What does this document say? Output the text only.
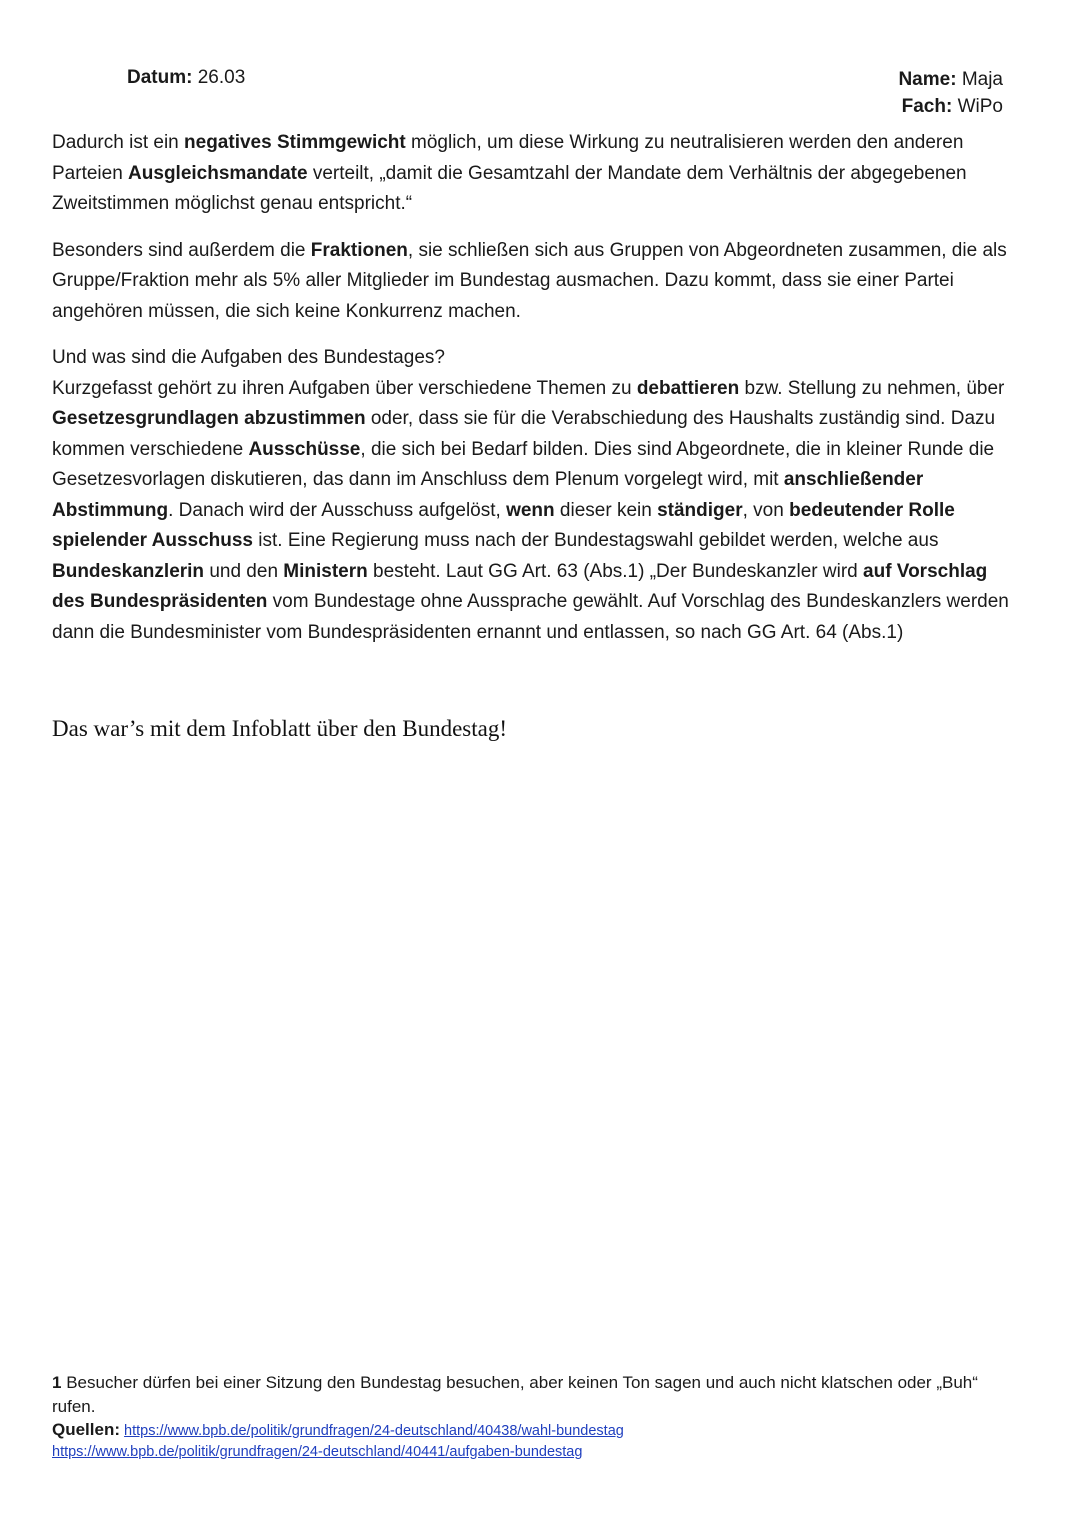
Datum: 26.03	Name: Maja
Fach: WiPo

Dadurch ist ein negatives Stimmgewicht möglich, um diese Wirkung zu neutralisieren werden den anderen Parteien Ausgleichsmandate verteilt, „damit die Gesamtzahl der Mandate dem Verhältnis der abgegebenen Zweitstimmen möglichst genau entspricht.“

Besonders sind außerdem die Fraktionen, sie schließen sich aus Gruppen von Abgeordneten zusammen, die als Gruppe/Fraktion mehr als 5% aller Mitglieder im Bundestag ausmachen. Dazu kommt, dass sie einer Partei angehören müssen, die sich keine Konkurrenz machen.

Und was sind die Aufgaben des Bundestages?
Kurzgefasst gehört zu ihren Aufgaben über verschiedene Themen zu debattieren bzw. Stellung zu nehmen, über Gesetzesgrundlagen abzustimmen oder, dass sie für die Verabschiedung des Haushalts zuständig sind. Dazu kommen verschiedene Ausschüsse, die sich bei Bedarf bilden. Dies sind Abgeordnete, die in kleiner Runde die Gesetzesvorlagen diskutieren, das dann im Anschluss dem Plenum vorgelegt wird, mit anschließender Abstimmung. Danach wird der Ausschuss aufgelöst, wenn dieser kein ständiger, von bedeutender Rolle spielender Ausschuss ist. Eine Regierung muss nach der Bundestagswahl gebildet werden, welche aus Bundeskanzlerin und den Ministern besteht. Laut GG Art. 63 (Abs.1) „Der Bundeskanzler wird auf Vorschlag des Bundespräsidenten vom Bundestage ohne Aussprache gewählt. Auf Vorschlag des Bundeskanzlers werden dann die Bundesminister vom Bundespräsidenten ernannt und entlassen, so nach GG Art. 64 (Abs.1)

Das war’s mit dem Infoblatt über den Bundestag!

1 Besucher dürfen bei einer Sitzung den Bundestag besuchen, aber keinen Ton sagen und auch nicht klatschen oder „Buh“ rufen.

Quellen: https://www.bpb.de/politik/grundfragen/24-deutschland/40438/wahl-bundestag
https://www.bpb.de/politik/grundfragen/24-deutschland/40441/aufgaben-bundestag
